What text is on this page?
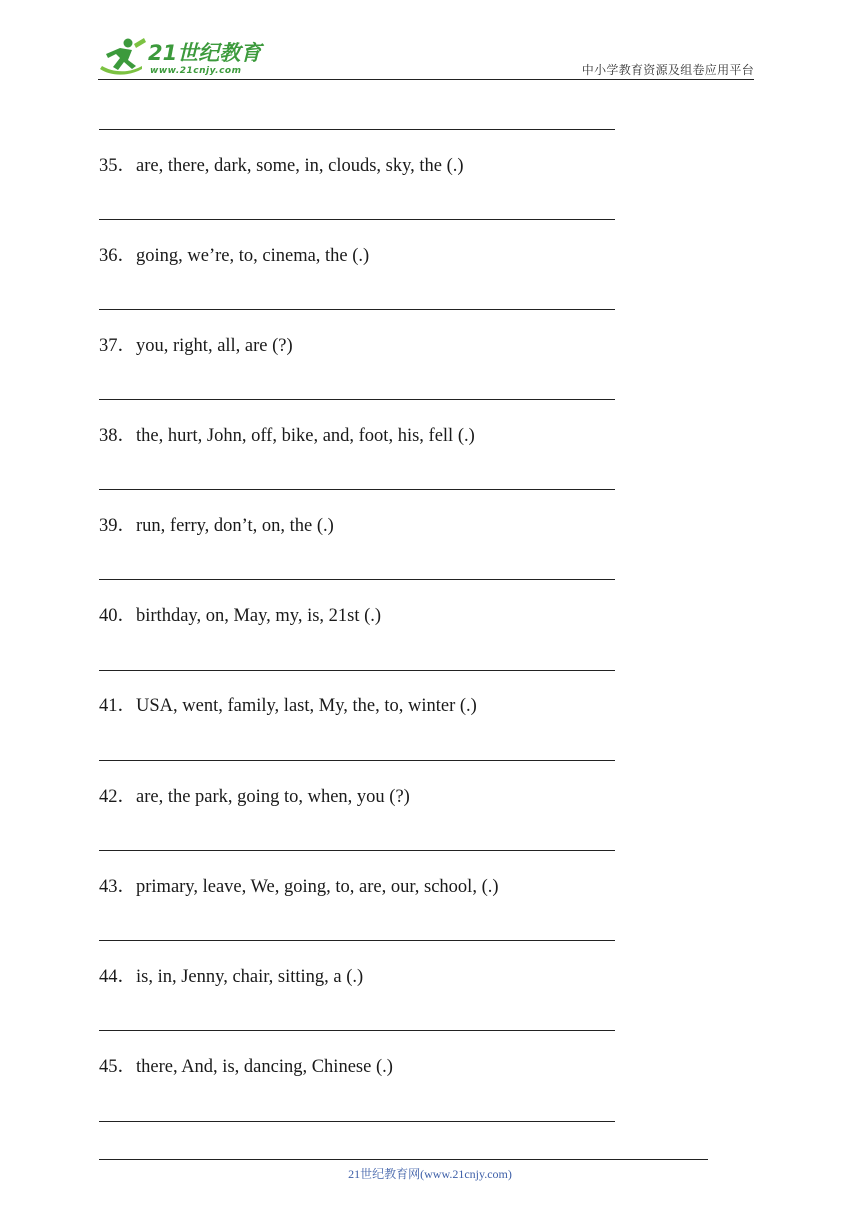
21世纪教育
www.21cnjy.com	中小学教育资源及组卷应用平台
35．are, there, dark, some, in, clouds, sky, the (.)
36．going, we’re, to, cinema, the (.)
37．you, right, all, are (?)
38．the, hurt, John, off, bike, and, foot, his, fell (.)
39．run, ferry, don’t, on, the (.)
40．birthday, on, May, my, is, 21st (.)
41．USA, went, family, last, My, the, to, winter (.)
42．are, the park, going to, when, you (?)
43．primary, leave, We, going, to, are, our, school, (.)
44．is, in, Jenny, chair, sitting, a (.)
45．there, And, is, dancing, Chinese (.)
21世纪教育网(www.21cnjy.com)
